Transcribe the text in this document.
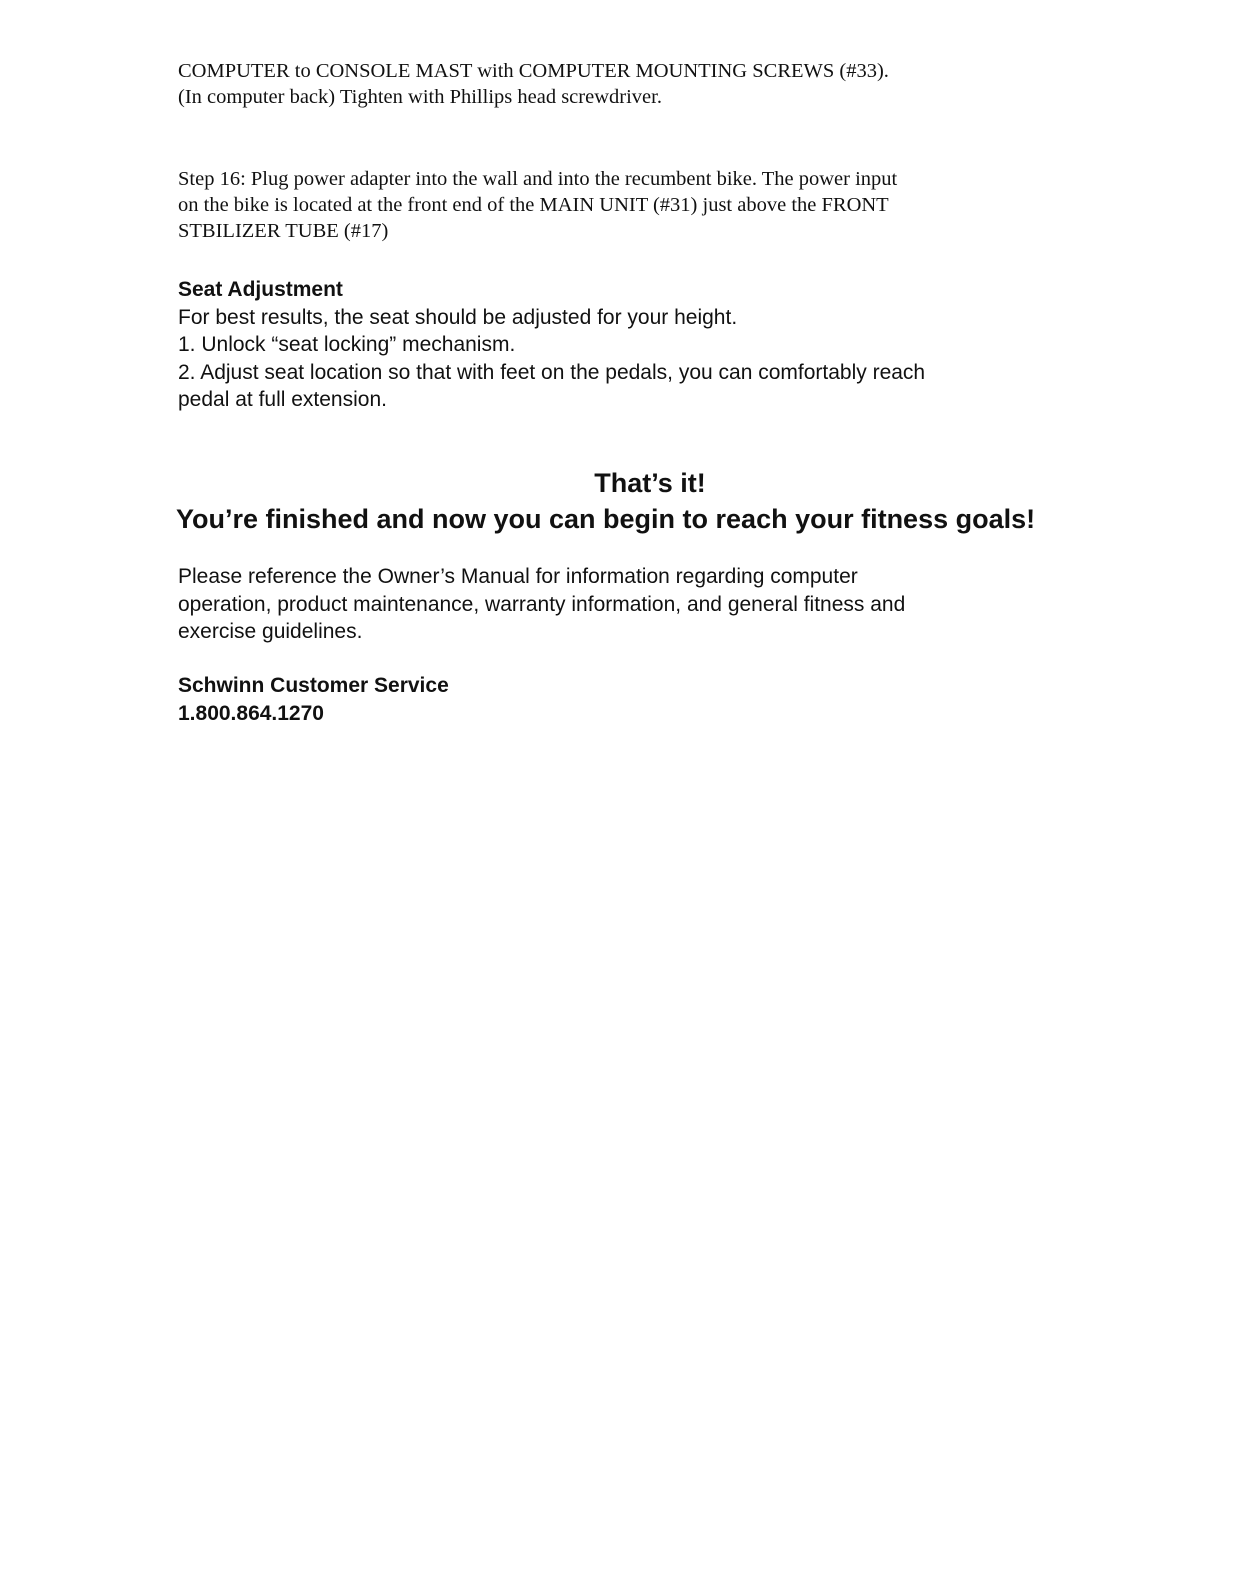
COMPUTER to CONSOLE MAST with COMPUTER MOUNTING SCREWS (#33).
(In computer back) Tighten with Phillips head screwdriver.
Step 16: Plug power adapter into the wall and into the recumbent bike. The power input
on the bike is located at the front end of the MAIN UNIT (#31) just above the FRONT
STBILIZER TUBE (#17)
Seat Adjustment
For best results, the seat should be adjusted for your height.
1. Unlock “seat locking” mechanism.
2. Adjust seat location so that with feet on the pedals, you can comfortably reach
pedal at full extension.
That’s it!
You’re finished and now you can begin to reach your fitness goals!
Please reference the Owner’s Manual for information regarding computer
operation, product maintenance, warranty information, and general fitness and
exercise guidelines.
Schwinn Customer Service
1.800.864.1270
